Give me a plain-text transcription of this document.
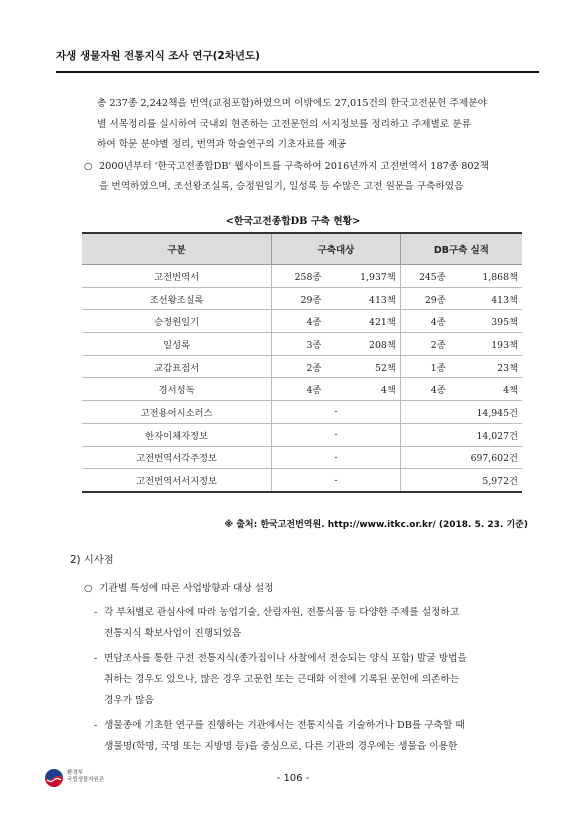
자생 생물자원 전통지식 조사 연구(2차년도)
총 237종 2,242책을 번역(교점포함)하였으며 이밖에도 27,015건의 한국고전문헌 주제분야
별 서목정리를 실시하여 국내외 현존하는 고전문헌의 서지정보를 정리하고 주제별로 분류
하여 학문 분야별 정리, 번역과 학술연구의 기초자료를 제공
○ 2000년부터 '한국고전종합DB' 웹사이트를 구축하여 2016년까지 고전번역서 187종 802책
을 번역하였으며, 조선왕조실록, 승정원일기, 일성록 등 수많은 고전 원문을 구축하였음
<한국고전종합DB 구축 현황>
구분	구축대상		DB구축 실적	
고전번역서	258종	1,937책	245종	1,868책
조선왕조실록	29종	413책	29종	413책
승정원일기	4종	421책	4종	395책
일성록	3종	208책	2종	193책
교감표점서	2종	52책	1종	23책
경서성독	4종	4책	4종	4책
고전용어시소러스	-		14,945건	
한자이체자정보	-		14,027건	
고전번역서각주정보	-		697,602건	
고전번역서서지정보	-		5,972건	
※ 출처: 한국고전번역원. http://www.itkc.or.kr/ (2018. 5. 23. 기준)
2) 시사점
○ 기관별 특성에 따른 사업방향과 대상 설정
- 각 부처별로 관심사에 따라 농업기술, 산림자원, 전통식품 등 다양한 주제를 설정하고
전통지식 확보사업이 진행되었음
- 면담조사를 통한 구전 전통지식(종가집이나 사찰에서 전승되는 양식 포함) 발굴 방법을
취하는 경우도 있으나, 많은 경우 고문헌 또는 근대화 이전에 기록된 문헌에 의존하는
경우가 많음
- 생물종에 기초한 연구를 진행하는 기관에서는 전통지식을 기술하거나 DB를 구축할 때
생물명(학명, 국명 또는 지방명 등)을 중심으로, 다른 기관의 경우에는 생물을 이용한
환경부
국립생물자원관	- 106 -
